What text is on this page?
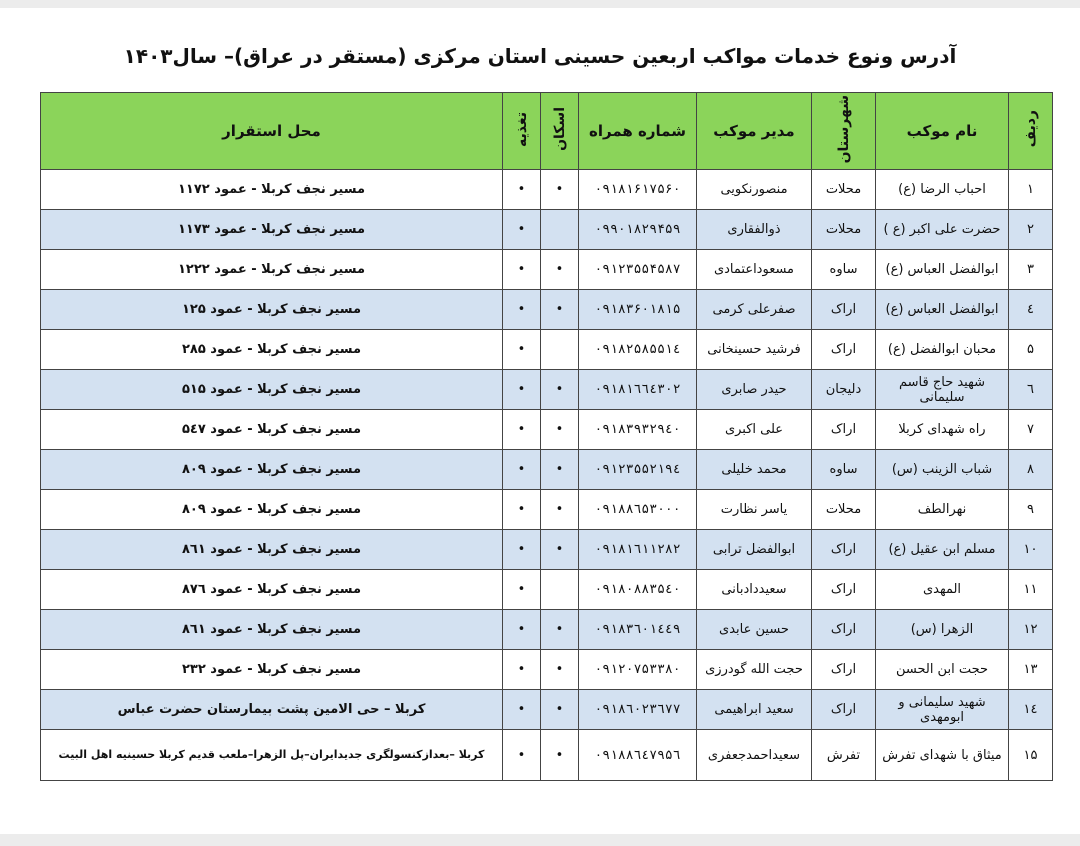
آدرس ونوع خدمات مواکب اربعین حسینی استان مرکزی (مستقر در عراق)– سال۱۴۰۳
ردیف	نام موکب	شهرستان	مدیر موکب	شماره همراه	اسکان	تغذیه	محل استقرار
۱	احباب الرضا (ع)	محلات	منصورنکویی	۰۹۱۸۱۶۱۷۵۶۰	•	•	مسیر نجف کربلا - عمود ۱۱۷۲
۲	حضرت علی اکبر (ع )	محلات	ذوالفقاری	۰۹۹۰۱۸۲۹۴۵۹		•	مسیر نجف کربلا - عمود ۱۱۷۳
۳	ابوالفضل العباس (ع)	ساوه	مسعوداعتمادی	۰۹۱۲۳۵۵۴۵۸۷	•	•	مسیر نجف کربلا - عمود ۱۲۲۲
٤	ابوالفضل العباس (ع)	اراک	صفرعلی کرمی	۰۹۱۸۳۶۰۱۸۱۵	•	•	مسیر نجف کربلا - عمود ۱۲۵
۵	محبان ابوالفضل (ع)	اراک	فرشید حسینخانی	۰۹۱۸۲۵۸۵۵۱٤		•	مسیر نجف کربلا - عمود ۲۸۵
٦	شهید حاج قاسم سلیمانی	دلیجان	حیدر صابری	۰۹۱۸۱٦٦٤۳۰۲	•	•	مسیر نجف کربلا - عمود ۵۱۵
۷	راه شهدای کربلا	اراک	علی اکبری	۰۹۱۸۳۹۳۲۹٤۰	•	•	مسیر نجف کربلا - عمود ۵٤۷
۸	شباب الزینب (س)	ساوه	محمد خلیلی	۰۹۱۲۳۵۵۲۱۹٤	•	•	مسیر نجف کربلا - عمود ۸۰۹
۹	نهرالطف	محلات	یاسر نظارت	۰۹۱۸۸٦۵۳۰۰۰	•	•	مسیر نجف کربلا - عمود ۸۰۹
۱۰	مسلم ابن عقیل (ع)	اراک	ابوالفضل ترابی	۰۹۱۸۱٦۱۱۲۸۲	•	•	مسیر نجف کربلا - عمود ۸٦۱
۱۱	المهدی	اراک	سعیددادبانی	۰۹۱۸۰۸۸۳۵٤۰		•	مسیر نجف کربلا - عمود ۸۷٦
۱۲	الزهرا (س)	اراک	حسین عابدی	۰۹۱۸۳٦۰۱٤٤۹	•	•	مسیر نجف کربلا - عمود ۸٦۱
۱۳	حجت ابن الحسن	اراک	حجت الله گودرزی	۰۹۱۲۰۷۵۳۳۸۰	•	•	مسیر نجف کربلا - عمود ۲۳۲
۱٤	شهید سلیمانی و ابومهدی	اراک	سعید ابراهیمی	۰۹۱۸٦۰۲۳٦۷۷	•	•	کربلا – حی الامین پشت بیمارستان حضرت عباس
۱۵	میثاق با شهدای تفرش	تفرش	سعیداحمدجعفری	۰۹۱۸۸٦٤۷۹۵٦	•	•	کربلا –بعدازکنسولگری جدیدایران–پل الزهرا–ملعب قدیم کربلا حسینیه اهل البیت
